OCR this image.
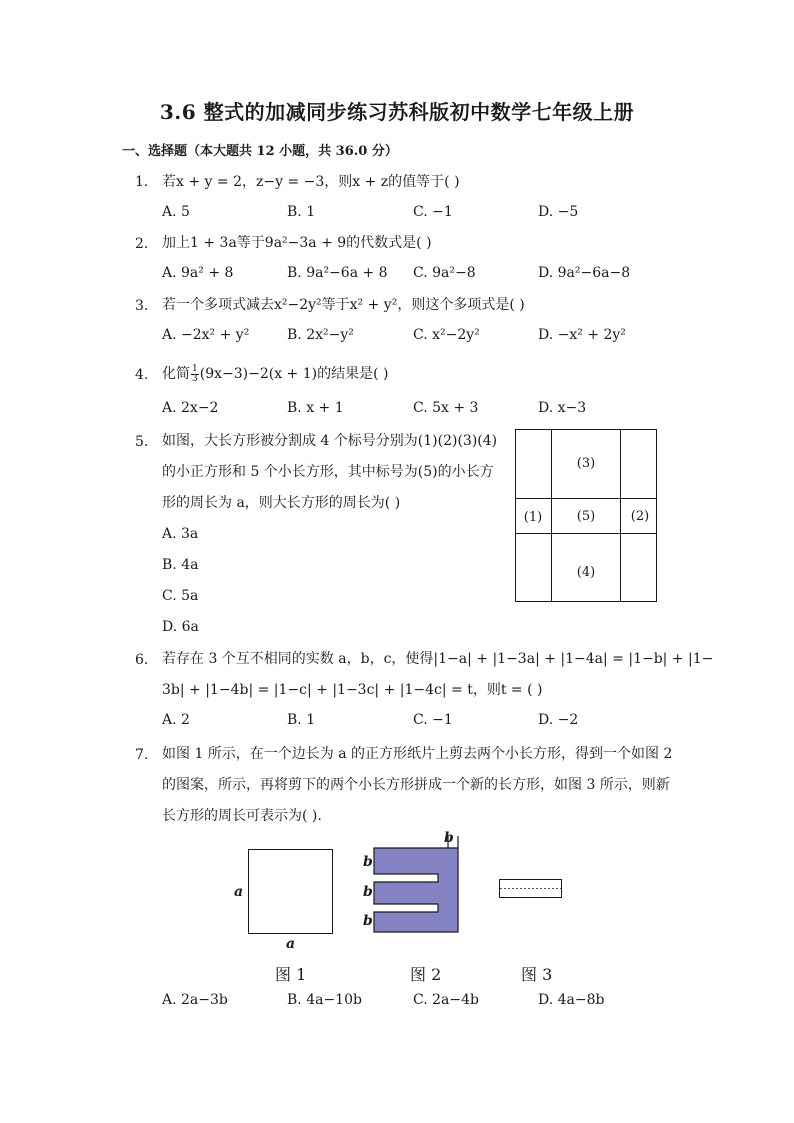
3.6 整式的加减同步练习苏科版初中数学七年级上册
一、选择题（本大题共 12 小题，共 36.0 分）
1. 若x + y = 2，z−y = −3，则x + z的值等于( )
A. 5	B. 1	C. −1	D. −5
2. 加上1 + 3a等于9a²−3a + 9的代数式是( )
A. 9a² + 8	B. 9a²−6a + 8 C. 9a²−8	D. 9a²−6a−8
3. 若一个多项式减去x²−2y²等于x² + y²，则这个多项式是( )
A. −2x² + y²	B. 2x²−y²	C. x²−2y²	D. −x² + 2y²
4. 化简 $\frac{1}{3} (9x-3)-2(x + 1)$的结果是( )
A. 2x−2	B. x + 1	C. 5x + 3	D. x−3
5. 如图，大长方形被分割成 4 个标号分别为(1)(2)(3)(4)
的小正方形和 5 个小长方形，其中标号为(5)的小长方
形的周长为 a，则大长方形的周长为( )
A. 3a
B. 4a
C. 5a
D. 6a
(1)	(2)
(3)
(4)
(5)
6. 若存在 3 个互不相同的实数 a，b，c，使得|1−a| + |1−3a| + |1−4a| = |1−b| + |1−
3b| + |1−4b| = |1−c| + |1−3c| + |1−4c| = t，则t = ( )
A. 2	B. 1	C. −1	D. −2
7. 如图 1 所示，在一个边长为 a 的正方形纸片上剪去两个小长方形，得到一个如图 2
的图案，所示，再将剪下的两个小长方形拼成一个新的长方形，如图 3 所示，则新
长方形的周长可表示为( ).
a
a
b
b
b
b
图 1	图 2	图 3
A. 2a−3b	B. 4a−10b	C. 2a−4b	D. 4a−8b
